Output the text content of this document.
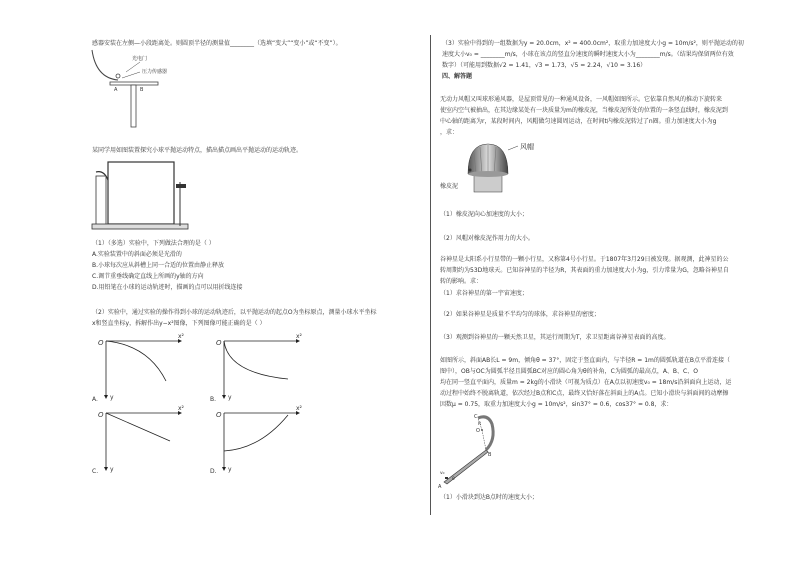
感器安装在左侧—小段距离处。则圆顶半径的测量值________（选填“变大”“变小”或“不变”）。
光电门
压力传感器
A	B
某同学用如图装置探究小球平抛运动特点，描出描点画出平抛运动的运动轨迹。
（1）（多选）实验中，下列做法合理的是（ ）
A.实验装置中的斜面必须是光滑的
B.小球每次应从斜槽上同一合适的位置由静止释放
C.调节重垂线确定直线上所画的y轴的方向
D.用铅笔在小球的运动轨迹时，描画的点可以用折线连接
（2）实验中，通过实验的操作得到小球的运动轨迹后，以平抛运动的起点O为坐标原点，测量小球水平坐标
x和竖直坐标y，拆解作出y−x²图像，下列图像可能正确的是（ ）
O
x²
y
A.
O
x²
y
B.
O
x²
y
C.
O
x²
y
D.
（3）实验中得到的一组数据为y = 20.0cm，x² = 400.0cm²，取重力加速度大小g = 10m/s²，则平抛运动的初
速度大小v₀ = ________m/s，小球在该点的竖直分速度的瞬时速度大小为________m/s。（结果均保留两位有效
数字）（可能用到数据√2 = 1.41，√3 = 1.73，√5 = 2.24，√10 = 3.16）
四、解答题
无动力风帽又叫球形通风器，是屋顶常见的一种通风设备，一风帽如图所示。它依靠自然风的推动下旋转来
使室内空气被抽出，在其边缘某处有一块质量为m的橡皮泥，当橡皮泥所处的位置的一条竖直线时，橡皮泥到
中心轴的距离为r，某段时间内，风帽做匀速圆周运动，在时间t内橡皮泥转过了n圈。重力加速度大小为g
，求：
风帽
橡皮泥
（1）橡皮泥向心加速度的大小；
（2）风帽对橡皮泥作用力的大小。
谷神星是太阳系小行星带的一颗小行星，又称第4号小行星。于1807年3月29日被发现。据观测，此神星的公
转周期约为53D地球天。已知谷神星的半径为R，其表面的重力加速度大小为g，引力常量为G，忽略谷神星自
转的影响。求：
（1）求谷神星的第一宇宙速度；
（2）如果谷神星是质量不半均匀的球体，求谷神星的密度；
（3）观测到谷神星的一颗天然卫星，其运行周期为T，求卫星距离谷神星表面的高度。
如图所示，斜面AB长L = 9m，倾角θ = 37°，固定于竖直面内，与半径R = 1m的圆弧轨道在B点平滑连接（
图中），OB与OC为圆弧半径且圆弧BC对应的圆心角为θ的补角，C为圆弧的最高点，A、B、C、O
均在同一竖直平面内，质量m = 2kg的小滑块（可视为质点）在A点以初速度v₀ = 18m/s沿斜面向上运动，运
动过程中始终不脱离轨道，依次经过B点和C点，最终又恰好落在斜面上的A点。已知小滑块与斜面间的动摩擦
因数μ = 0.75，取重力加速度大小g = 10m/s²，sin37° = 0.6，cos37° = 0.8，求：
C
O
R
B
θ
A
v₀
（1）小滑块到达B点时的速度大小；
